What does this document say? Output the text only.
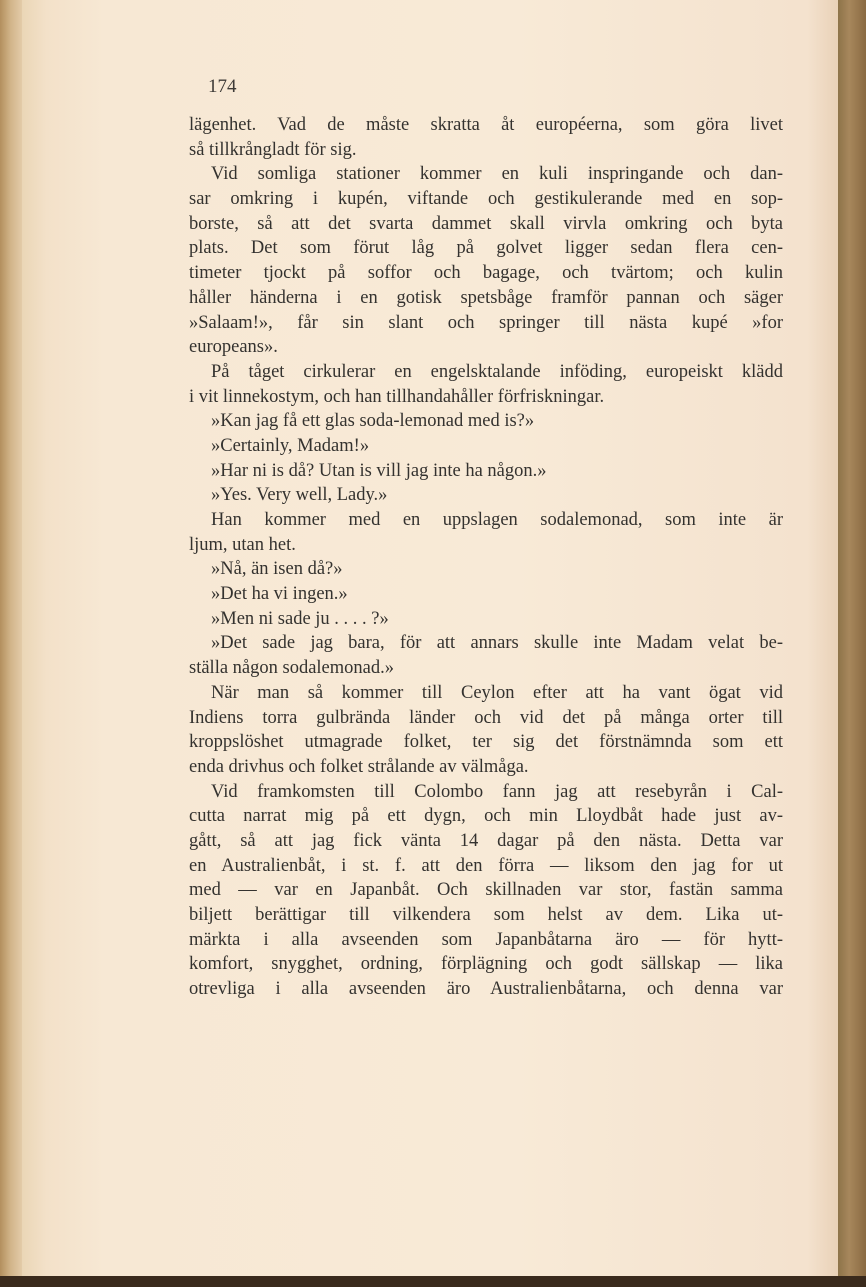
174
lägenhet. Vad de måste skratta åt européerna, som göra livet
så tillkrångladt för sig.
Vid somliga stationer kommer en kuli inspringande och dan-
sar omkring i kupén, viftande och gestikulerande med en sop-
borste, så att det svarta dammet skall virvla omkring och byta
plats. Det som förut låg på golvet ligger sedan flera cen-
timeter tjockt på soffor och bagage, och tvärtom; och kulin
håller händerna i en gotisk spetsbåge framför pannan och säger
»Salaam!», får sin slant och springer till nästa kupé »for
europeans».
På tåget cirkulerar en engelsktalande inföding, europeiskt klädd
i vit linnekostym, och han tillhandahåller förfriskningar.
»Kan jag få ett glas soda-lemonad med is?»
»Certainly, Madam!»
»Har ni is då? Utan is vill jag inte ha någon.»
»Yes. Very well, Lady.»
Han kommer med en uppslagen sodalemonad, som inte är
ljum, utan het.
»Nå, än isen då?»
»Det ha vi ingen.»
»Men ni sade ju . . . . ?»
»Det sade jag bara, för att annars skulle inte Madam velat be-
ställa någon sodalemonad.»
När man så kommer till Ceylon efter att ha vant ögat vid
Indiens torra gulbrända länder och vid det på många orter till
kroppslöshet utmagrade folket, ter sig det förstnämnda som ett
enda drivhus och folket strålande av välmåga.
Vid framkomsten till Colombo fann jag att resebyrån i Cal-
cutta narrat mig på ett dygn, och min Lloydbåt hade just av-
gått, så att jag fick vänta 14 dagar på den nästa. Detta var
en Australienbåt, i st. f. att den förra — liksom den jag for ut
med — var en Japanbåt. Och skillnaden var stor, fastän samma
biljett berättigar till vilkendera som helst av dem. Lika ut-
märkta i alla avseenden som Japanbåtarna äro — för hytt-
komfort, snygghet, ordning, förplägning och godt sällskap — lika
otrevliga i alla avseenden äro Australienbåtarna, och denna var
